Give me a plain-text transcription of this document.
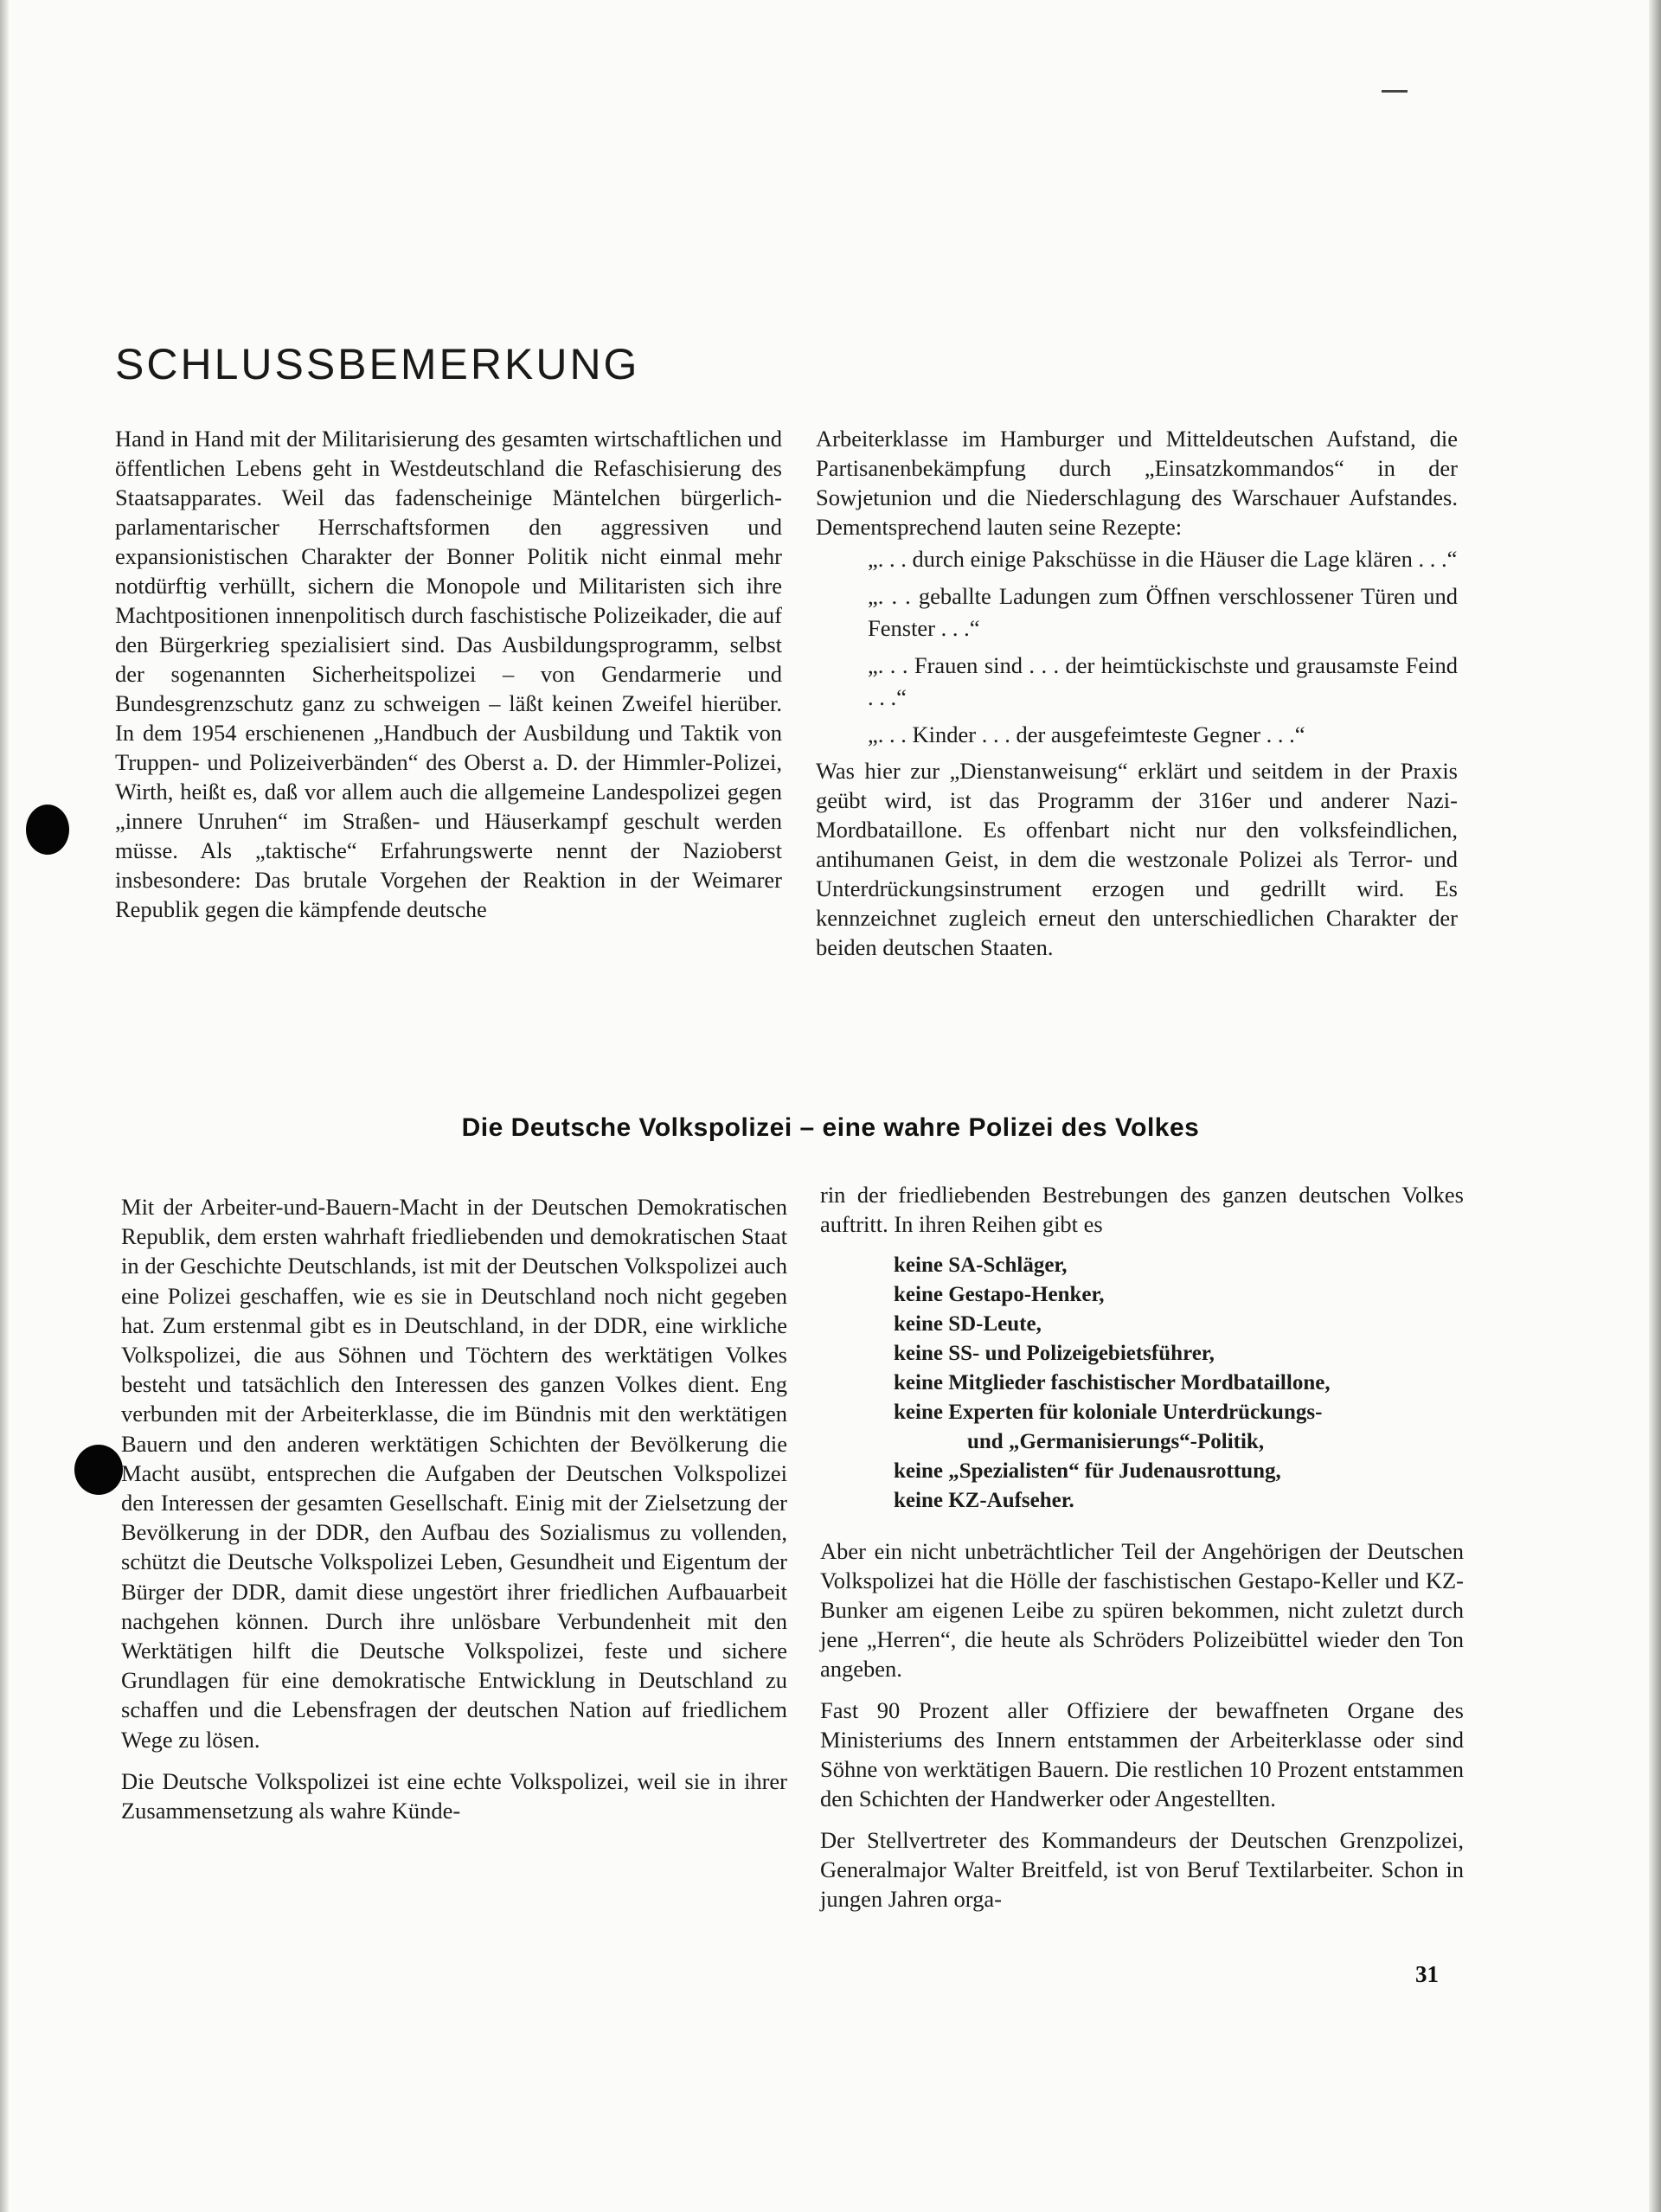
SCHLUSSBEMERKUNG

Hand in Hand mit der Militarisierung des gesamten wirtschaftlichen und öffentlichen Lebens geht in Westdeutschland die Refaschisierung des Staatsapparates. Weil das fadenscheinige Mäntelchen bürgerlich-parlamentarischer Herrschaftsformen den aggressiven und expansionistischen Charakter der Bonner Politik nicht einmal mehr notdürftig verhüllt, sichern die Monopole und Militaristen sich ihre Machtpositionen innenpolitisch durch faschistische Polizeikader, die auf den Bürgerkrieg spezialisiert sind. Das Ausbildungsprogramm, selbst der sogenannten Sicherheitspolizei – von Gendarmerie und Bundesgrenzschutz ganz zu schweigen – läßt keinen Zweifel hierüber. In dem 1954 erschienenen „Handbuch der Ausbildung und Taktik von Truppen- und Polizeiverbänden“ des Oberst a. D. der Himmler-Polizei, Wirth, heißt es, daß vor allem auch die allgemeine Landespolizei gegen „innere Unruhen“ im Straßen- und Häuserkampf geschult werden müsse. Als „taktische“ Erfahrungswerte nennt der Nazioberst insbesondere: Das brutale Vorgehen der Reaktion in der Weimarer Republik gegen die kämpfende deutsche

Arbeiterklasse im Hamburger und Mitteldeutschen Aufstand, die Partisanenbekämpfung durch „Einsatzkommandos“ in der Sowjetunion und die Niederschlagung des Warschauer Aufstandes. Dementsprechend lauten seine Rezepte:

„. . . durch einige Pakschüsse in die Häuser die Lage klären . . .“
„. . . geballte Ladungen zum Öffnen verschlossener Türen und Fenster . . .“
„. . . Frauen sind . . . der heimtückischste und grausamste Feind . . .“
„. . . Kinder . . . der ausgefeimteste Gegner . . .“

Was hier zur „Dienstanweisung“ erklärt und seitdem in der Praxis geübt wird, ist das Programm der 316er und anderer Nazi-Mordbataillone. Es offenbart nicht nur den volksfeindlichen, antihumanen Geist, in dem die westzonale Polizei als Terror- und Unterdrückungsinstrument erzogen und gedrillt wird. Es kennzeichnet zugleich erneut den unterschiedlichen Charakter der beiden deutschen Staaten.

Die Deutsche Volkspolizei – eine wahre Polizei des Volkes

Mit der Arbeiter-und-Bauern-Macht in der Deutschen Demokratischen Republik, dem ersten wahrhaft friedliebenden und demokratischen Staat in der Geschichte Deutschlands, ist mit der Deutschen Volkspolizei auch eine Polizei geschaffen, wie es sie in Deutschland noch nicht gegeben hat. Zum erstenmal gibt es in Deutschland, in der DDR, eine wirkliche Volkspolizei, die aus Söhnen und Töchtern des werktätigen Volkes besteht und tatsächlich den Interessen des ganzen Volkes dient. Eng verbunden mit der Arbeiterklasse, die im Bündnis mit den werktätigen Bauern und den anderen werktätigen Schichten der Bevölkerung die Macht ausübt, entsprechen die Aufgaben der Deutschen Volkspolizei den Interessen der gesamten Gesellschaft. Einig mit der Zielsetzung der Bevölkerung in der DDR, den Aufbau des Sozialismus zu vollenden, schützt die Deutsche Volkspolizei Leben, Gesundheit und Eigentum der Bürger der DDR, damit diese ungestört ihrer friedlichen Aufbauarbeit nachgehen können. Durch ihre unlösbare Verbundenheit mit den Werktätigen hilft die Deutsche Volkspolizei, feste und sichere Grundlagen für eine demokratische Entwicklung in Deutschland zu schaffen und die Lebensfragen der deutschen Nation auf friedlichem Wege zu lösen.

Die Deutsche Volkspolizei ist eine echte Volkspolizei, weil sie in ihrer Zusammensetzung als wahre Künde-

rin der friedliebenden Bestrebungen des ganzen deutschen Volkes auftritt. In ihren Reihen gibt es

keine SA-Schläger,
keine Gestapo-Henker,
keine SD-Leute,
keine SS- und Polizeigebietsführer,
keine Mitglieder faschistischer Mordbataillone,
keine Experten für koloniale Unterdrückungs-
und „Germanisierungs“-Politik,
keine „Spezialisten“ für Judenausrottung,
keine KZ-Aufseher.

Aber ein nicht unbeträchtlicher Teil der Angehörigen der Deutschen Volkspolizei hat die Hölle der faschistischen Gestapo-Keller und KZ-Bunker am eigenen Leibe zu spüren bekommen, nicht zuletzt durch jene „Herren“, die heute als Schröders Polizeibüttel wieder den Ton angeben.

Fast 90 Prozent aller Offiziere der bewaffneten Organe des Ministeriums des Innern entstammen der Arbeiterklasse oder sind Söhne von werktätigen Bauern. Die restlichen 10 Prozent entstammen den Schichten der Handwerker oder Angestellten.

Der Stellvertreter des Kommandeurs der Deutschen Grenzpolizei, Generalmajor Walter Breitfeld, ist von Beruf Textilarbeiter. Schon in jungen Jahren orga-

31
